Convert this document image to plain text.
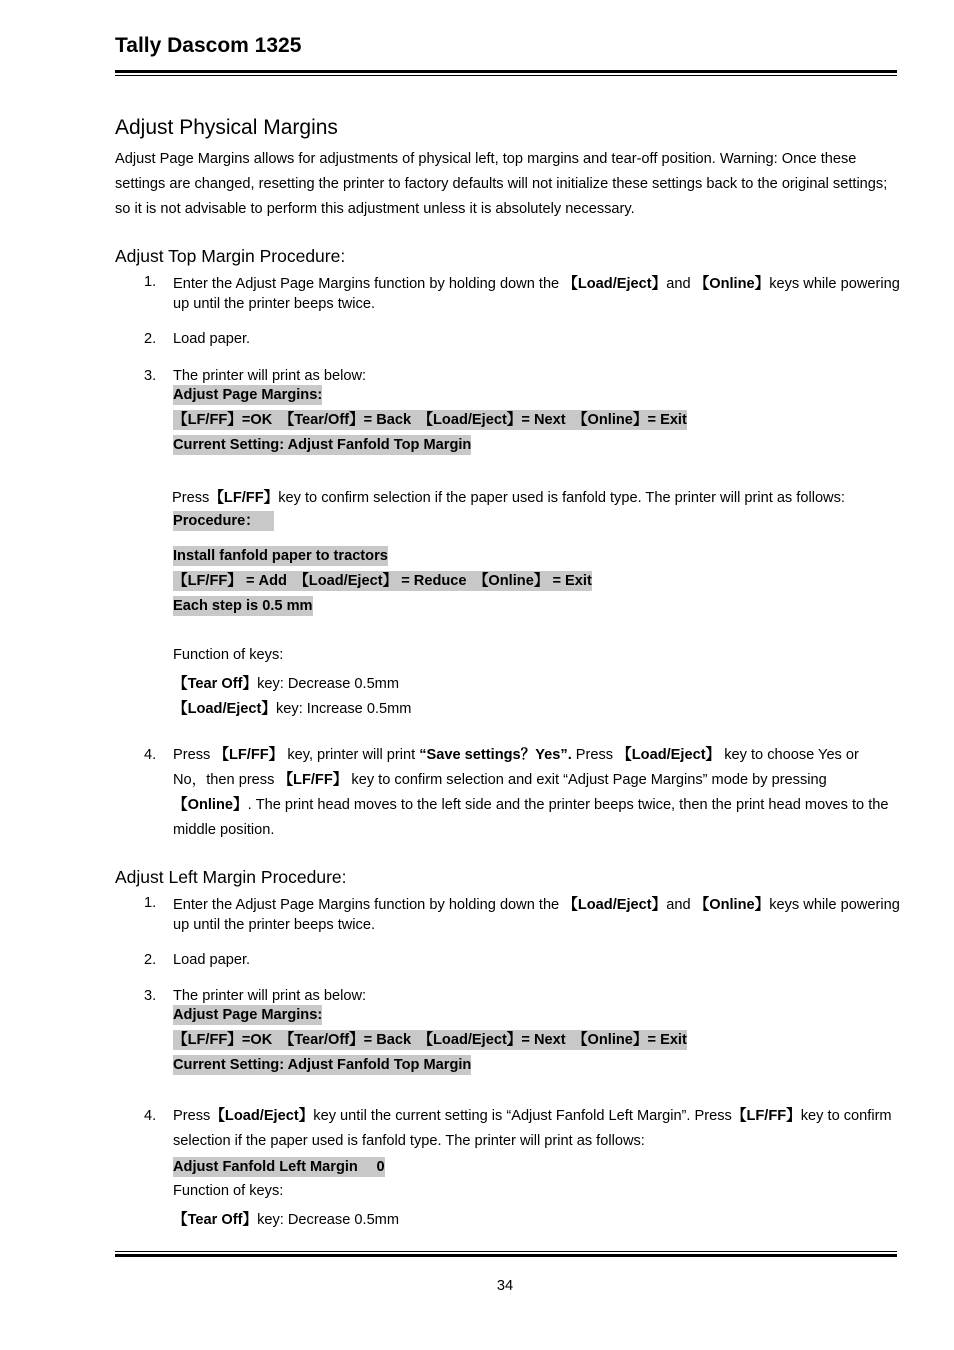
Tally Dascom 1325
Adjust Physical Margins
Adjust Page Margins allows for adjustments of physical left, top margins and tear-off position. Warning: Once these settings are changed, resetting the printer to factory defaults will not initialize these settings back to the original settings; so it is not advisable to perform this adjustment unless it is absolutely necessary.
Adjust Top Margin Procedure:
1. Enter the Adjust Page Margins function by holding down the 【Load/Eject】and 【Online】keys while powering up until the printer beeps twice.
2. Load paper.
3. The printer will print as below:
Adjust Page Margins:
【LF/FF】=OK　【Tear/Off】= Back　【Load/Eject】= Next　【Online】= Exit
Current Setting: Adjust Fanfold Top Margin
Press【LF/FF】key to confirm selection if the paper used is fanfold type. The printer will print as follows:
Procedure：
Install fanfold paper to tractors
【LF/FF】 = Add　【Load/Eject】 = Reduce　【Online】 = Exit
Each step is 0.5 mm
Function of keys:
【Tear Off】key: Decrease 0.5mm
【Load/Eject】key: Increase 0.5mm
4. Press 【LF/FF】 key, printer will print “Save settings？Yes”. Press 【Load/Eject】 key to choose Yes or No，then press 【LF/FF】 key to confirm selection and exit “Adjust Page Margins” mode by pressing 【Online】. The print head moves to the left side and the printer beeps twice, then the print head moves to the middle position.
Adjust Left Margin Procedure:
1. Enter the Adjust Page Margins function by holding down the 【Load/Eject】and 【Online】keys while powering up until the printer beeps twice.
2. Load paper.
3. The printer will print as below:
Adjust Page Margins:
【LF/FF】=OK　【Tear/Off】= Back　【Load/Eject】= Next　【Online】= Exit
Current Setting: Adjust Fanfold Top Margin
4. Press【Load/Eject】key until the current setting is “Adjust Fanfold Left Margin”. Press【LF/FF】key to confirm selection if the paper used is fanfold type. The printer will print as follows:
Adjust Fanfold Left Margin　 0
Function of keys:
【Tear Off】key: Decrease 0.5mm
34
